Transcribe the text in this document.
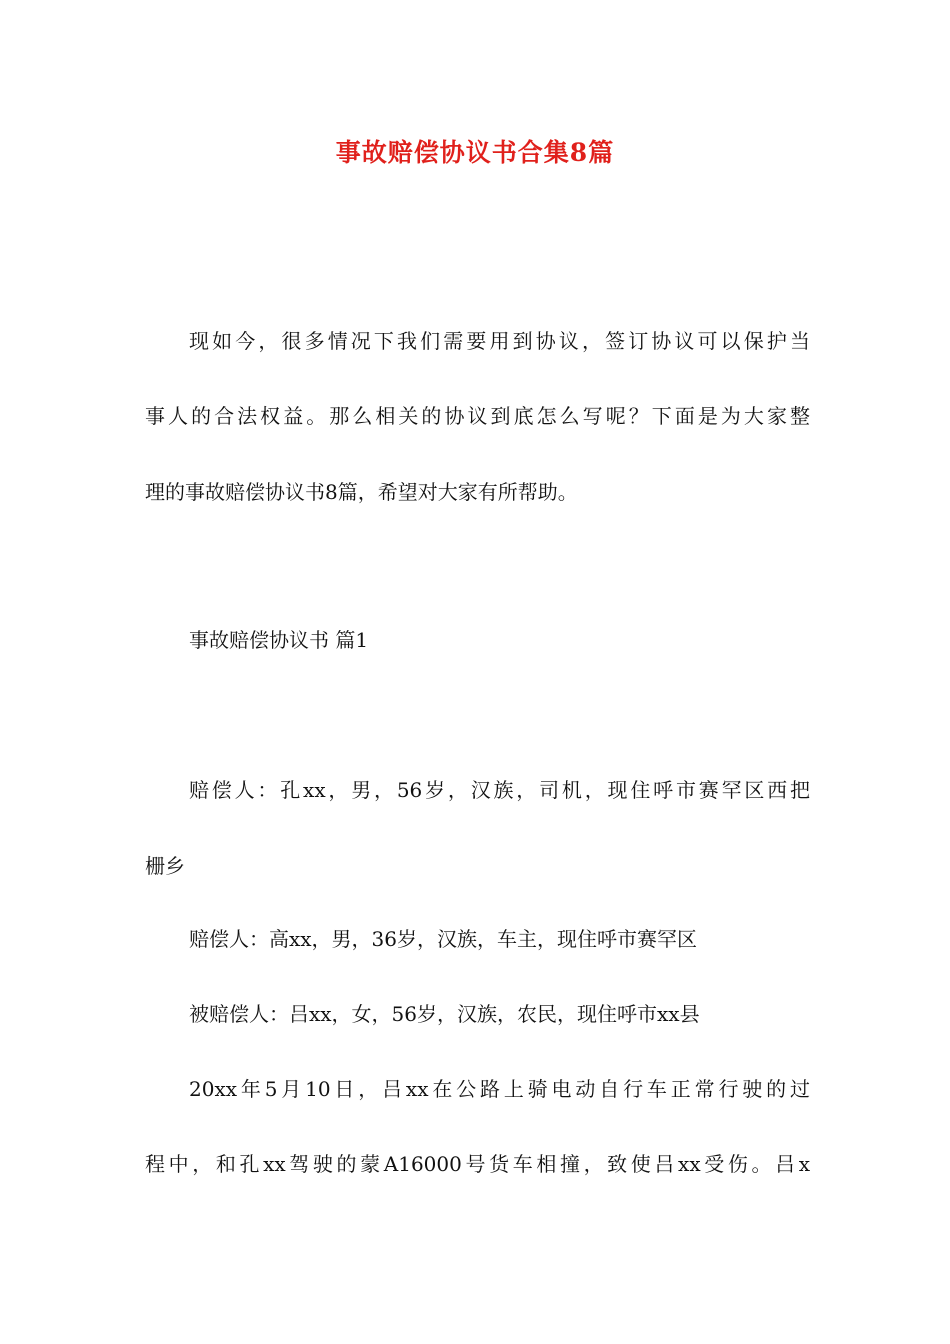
事故赔偿协议书合集8篇
现如今，很多情况下我们需要用到协议，签订协议可以保护当
事人的合法权益。那么相关的协议到底怎么写呢？下面是为大家整
理的事故赔偿协议书8篇，希望对大家有所帮助。
事故赔偿协议书 篇1
赔偿人：孔xx，男，56岁，汉族，司机，现住呼市赛罕区西把
栅乡
赔偿人：高xx，男，36岁，汉族，车主，现住呼市赛罕区
被赔偿人：吕xx，女，56岁，汉族，农民，现住呼市xx县
20xx年5月10日，吕xx在公路上骑电动自行车正常行驶的过
程中，和孔xx驾驶的蒙A16000号货车相撞，致使吕xx受伤。吕x
